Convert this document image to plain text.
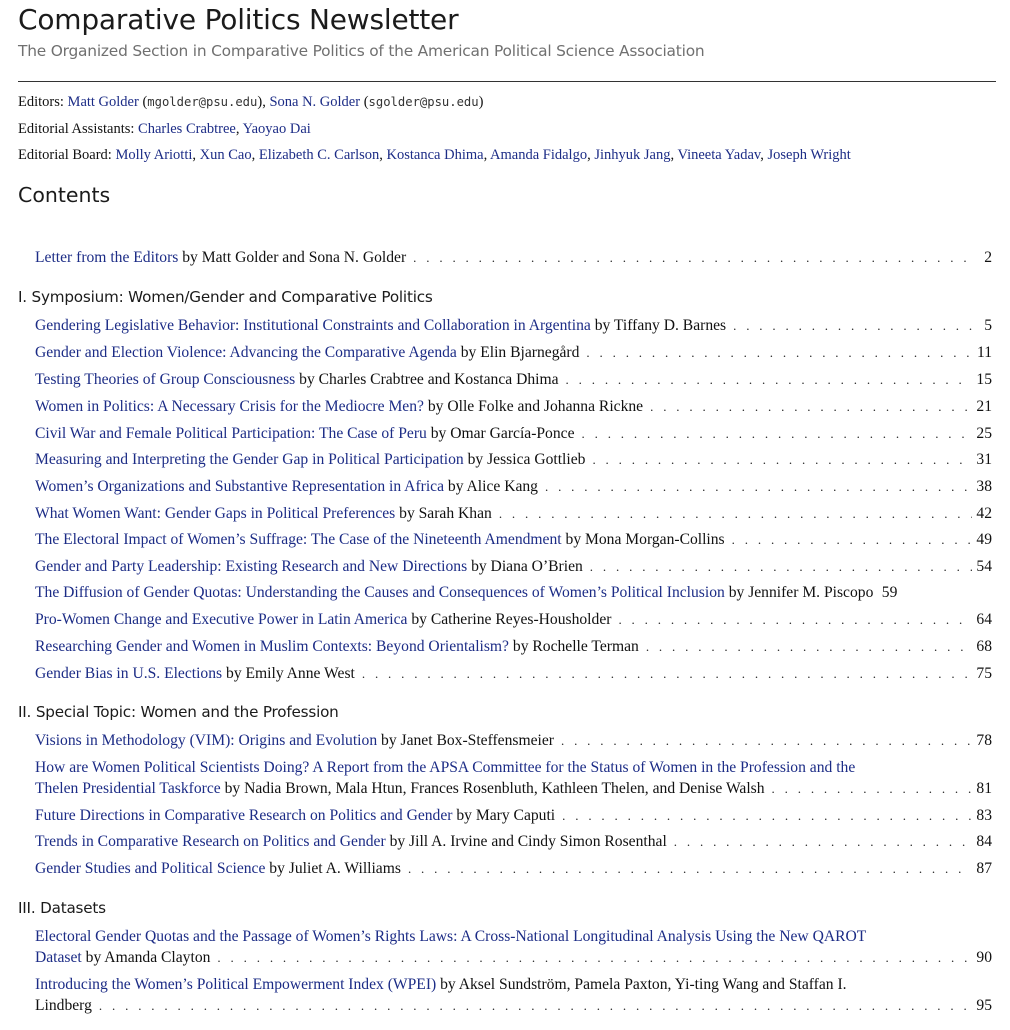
Comparative Politics Newsletter
The Organized Section in Comparative Politics of the American Political Science Association
Editors: Matt Golder (mgolder@psu.edu), Sona N. Golder (sgolder@psu.edu)
Editorial Assistants: Charles Crabtree, Yaoyao Dai
Editorial Board: Molly Ariotti, Xun Cao, Elizabeth C. Carlson, Kostanca Dhima, Amanda Fidalgo, Jinhyuk Jang, Vineeta Yadav, Joseph Wright
Contents
Letter from the Editors by Matt Golder and Sona N. Golder . . .	2
I. Symposium: Women/Gender and Comparative Politics
Gendering Legislative Behavior: Institutional Constraints and Collaboration in Argentina by Tiffany D. Barnes . . .	5
Gender and Election Violence: Advancing the Comparative Agenda by Elin Bjarnegård . . .	11
Testing Theories of Group Consciousness by Charles Crabtree and Kostanca Dhima . . .	15
Women in Politics: A Necessary Crisis for the Mediocre Men? by Olle Folke and Johanna Rickne . . .	21
Civil War and Female Political Participation: The Case of Peru by Omar García-Ponce . . .	25
Measuring and Interpreting the Gender Gap in Political Participation by Jessica Gottlieb . . .	31
Women’s Organizations and Substantive Representation in Africa by Alice Kang . . .	38
What Women Want: Gender Gaps in Political Preferences by Sarah Khan . . .	42
The Electoral Impact of Women’s Suffrage: The Case of the Nineteenth Amendment by Mona Morgan-Collins . . .	49
Gender and Party Leadership: Existing Research and New Directions by Diana O’Brien . . .	54
The Diffusion of Gender Quotas: Understanding the Causes and Consequences of Women’s Political Inclusion by Jennifer M. Piscopo 59
Pro-Women Change and Executive Power in Latin America by Catherine Reyes-Housholder . . .	64
Researching Gender and Women in Muslim Contexts: Beyond Orientalism? by Rochelle Terman . . .	68
Gender Bias in U.S. Elections by Emily Anne West . . .	75
II. Special Topic: Women and the Profession
Visions in Methodology (VIM): Origins and Evolution by Janet Box-Steffensmeier . . .	78
How are Women Political Scientists Doing? A Report from the APSA Committee for the Status of Women in the Profession and the
Thelen Presidential Taskforce by Nadia Brown, Mala Htun, Frances Rosenbluth, Kathleen Thelen, and Denise Walsh . . .	81
Future Directions in Comparative Research on Politics and Gender by Mary Caputi . . .	83
Trends in Comparative Research on Politics and Gender by Jill A. Irvine and Cindy Simon Rosenthal . . .	84
Gender Studies and Political Science by Juliet A. Williams . . .	87
III. Datasets
Electoral Gender Quotas and the Passage of Women’s Rights Laws: A Cross-National Longitudinal Analysis Using the New QAROT
Dataset by Amanda Clayton . . .	90
Introducing the Women’s Political Empowerment Index (WPEI) by Aksel Sundström, Pamela Paxton, Yi-ting Wang and Staffan I.
Lindberg . . .	95
